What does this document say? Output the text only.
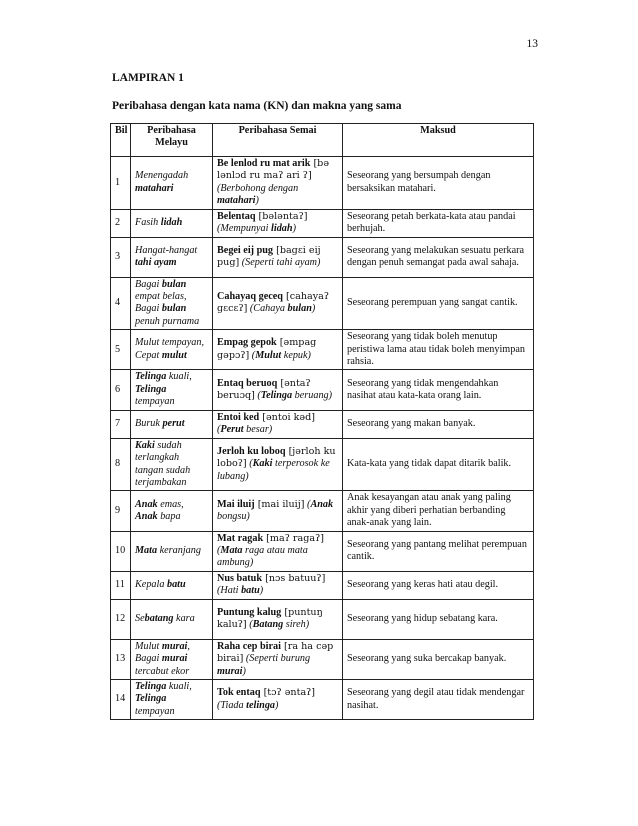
13
LAMPIRAN 1
Peribahasa dengan kata nama (KN) dan makna yang sama
Bil	Peribahasa Melayu	Peribahasa Semai	Maksud
1	Menengadah matahari	Be lenlod ru mat arik [bə lənlɔd ru maʔ ari ʔ] (Berbohong dengan matahari)	Seseorang yang bersumpah dengan bersaksikan matahari.
2	Fasih lidah	Belentaq [bələntaʔ] (Mempunyai lidah)	Seseorang petah berkata-kata atau pandai berhujah.
3	Hangat-hangat tahi ayam	Begei eij pug [bagεi eij pug] (Seperti tahi ayam)	Seseorang yang melakukan sesuatu perkara dengan penuh semangat pada awal sahaja.
4	Bagai bulan empat belas, Bagai bulan penuh purnama	Cahayaq geceq [cahayaʔ gεcεʔ] (Cahaya bulan)	Seseorang perempuan yang sangat cantik.
5	Mulut tempayan, Cepat mulut	Empag gepok [əmpag gəpɔʔ] (Mulut kepuk)	Seseorang yang tidak boleh menutup peristiwa lama atau tidak boleh menyimpan rahsia.
6	Telinga kuali, Telinga tempayan	Entaq beruoq [əntaʔ beruɔq] (Telinga beruang)	Seseorang yang tidak mengendahkan nasihat atau kata-kata orang lain.
7	Buruk perut	Entoi ked [əntoi kəd] (Perut besar)	Seseorang yang makan banyak.
8	Kaki sudah terlangkah tangan sudah terjambakan	Jerloh ku loboq [jərloh ku loboʔ] (Kaki terperosok ke lubang)	Kata-kata yang tidak dapat ditarik balik.
9	Anak emas, Anak bapa	Mai iluij [mai iluij] (Anak bongsu)	Anak kesayangan atau anak yang paling akhir yang diberi perhatian berbanding anak-anak yang lain.
10	Mata keranjang	Mat ragak [maʔ ragaʔ] (Mata raga atau mata ambung)	Seseorang yang pantang melihat perempuan cantik.
11	Kepala batu	Nus batuk [nɔs batuuʔ] (Hati batu)	Seseorang yang keras hati atau degil.
12	Sebatang kara	Puntung kalug [puntuŋ kaluʔ] (Batang sireh)	Seseorang yang hidup sebatang kara.
13	Mulut murai, Bagai murai tercabut ekor	Raha cep birai [ra ha cəp birai] (Seperti burung murai)	Seseorang yang suka bercakap banyak.
14	Telinga kuali, Telinga tempayan	Tok entaq [tɔʔ əntaʔ] (Tiada telinga)	Seseorang yang degil atau tidak mendengar nasihat.
